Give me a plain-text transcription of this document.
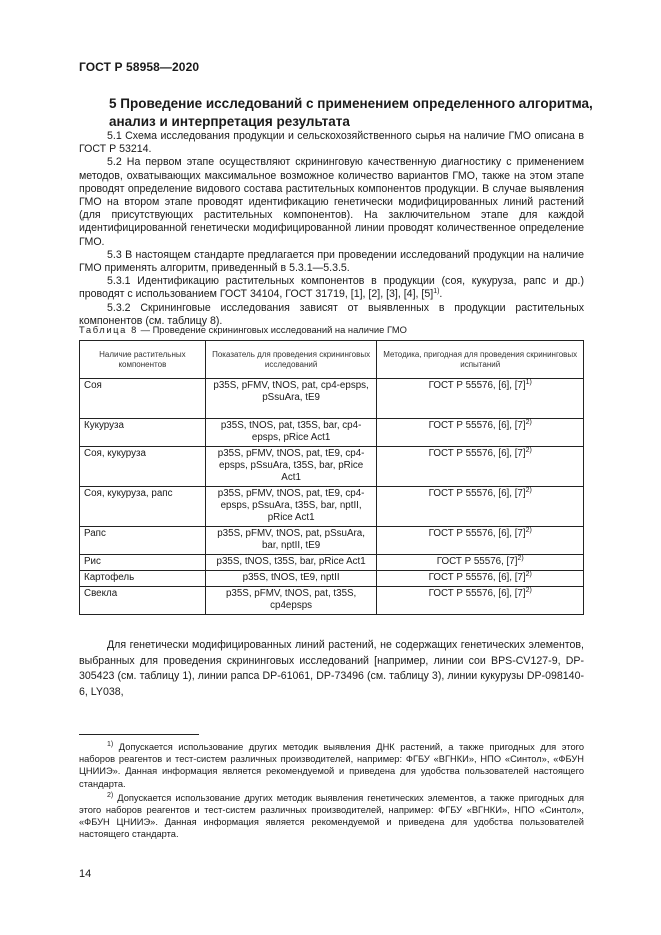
ГОСТ Р 58958—2020
5 Проведение исследований с применением определенного алгоритма, анализ и интерпретация результата

5.1 Схема исследования продукции и сельскохозяйственного сырья на наличие ГМО описана в ГОСТ Р 53214.

5.2 На первом этапе осуществляют скрининговую качественную диагностику с применением методов, охватывающих максимальное возможное количество вариантов ГМО, также на этом этапе проводят определение видового состава растительных компонентов продукции. В случае выявления ГМО на втором этапе проводят идентификацию генетически модифицированных линий растений (для присутствующих растительных компонентов). На заключительном этапе для каждой идентифицированной генетически модифицированной линии проводят количественное определение ГМО.

5.3 В настоящем стандарте предлагается при проведении исследований продукции на наличие ГМО применять алгоритм, приведенный в 5.3.1—5.3.5.

5.3.1 Идентификацию растительных компонентов в продукции (соя, кукуруза, рапс и др.) проводят с использованием ГОСТ 34104, ГОСТ 31719, [1], [2], [3], [4], $[5]^{1)}$.

5.3.2 Скрининговые исследования зависят от выявленных в продукции растительных компонентов (см. таблицу 8).

Таблица 8 — Проведение скрининговых исследований на наличие ГМО
Наличие растительных компонентов	Показатель для проведения скрининговых исследований	Методика, пригодная для проведения скрининговых испытаний
Соя	p35S, pFMV, tNOS, pat, cp4-epsps, pSsuAra, tE9	ГОСТ Р 55576, [6], $[7]^{1)}$
Кукуруза	p35S, tNOS, pat, t35S, bar, cp4-epsps, pRice Act1	ГОСТ Р 55576, [6], $[7]^{2)}$
Соя, кукуруза	p35S, pFMV, tNOS, pat, tE9, cp4-epsps, pSsuAra, t35S, bar, pRice Act1	ГОСТ Р 55576, [6], $[7]^{2)}$
Соя, кукуруза, рапс	p35S, pFMV, tNOS, pat, tE9, cp4-epsps, pSsuAra, t35S, bar, nptII, pRice Act1	ГОСТ Р 55576, [6], $[7]^{2)}$
Рапс	p35S, pFMV, tNOS, pat, pSsuAra, bar, nptII, tE9	ГОСТ Р 55576, [6], $[7]^{2)}$
Рис	p35S, tNOS, t35S, bar, pRice Act1	ГОСТ Р 55576, $[7]^{2)}$
Картофель	p35S, tNOS, tE9, nptII	ГОСТ Р 55576, [6], $[7]^{2)}$
Свекла	p35S, pFMV, tNOS, pat, t35S, cp4epsps	ГОСТ Р 55576, [6], $[7]^{2)}$

Для генетически модифицированных линий растений, не содержащих генетических элементов, выбранных для проведения скрининговых исследований [например, линии сои BPS-CV127-9, DP-305423 (см. таблицу 1), линии рапса DP-61061, DP-73496 (см. таблицу 3), линии кукурузы DP-098140-6, LY038,

$^{1)}$ Допускается использование других методик выявления ДНК растений, а также пригодных для этого наборов реагентов и тест-систем различных производителей, например: ФГБУ «ВГНКИ», НПО «Синтол», «ФБУН ЦНИИЭ». Данная информация является рекомендуемой и приведена для удобства пользователей настоящего стандарта.

$^{2)}$ Допускается использование других методик выявления генетических элементов, а также пригодных для этого наборов реагентов и тест-систем различных производителей, например: ФГБУ «ВГНКИ», НПО «Синтол», «ФБУН ЦНИИЭ». Данная информация является рекомендуемой и приведена для удобства пользователей настоящего стандарта.

14
